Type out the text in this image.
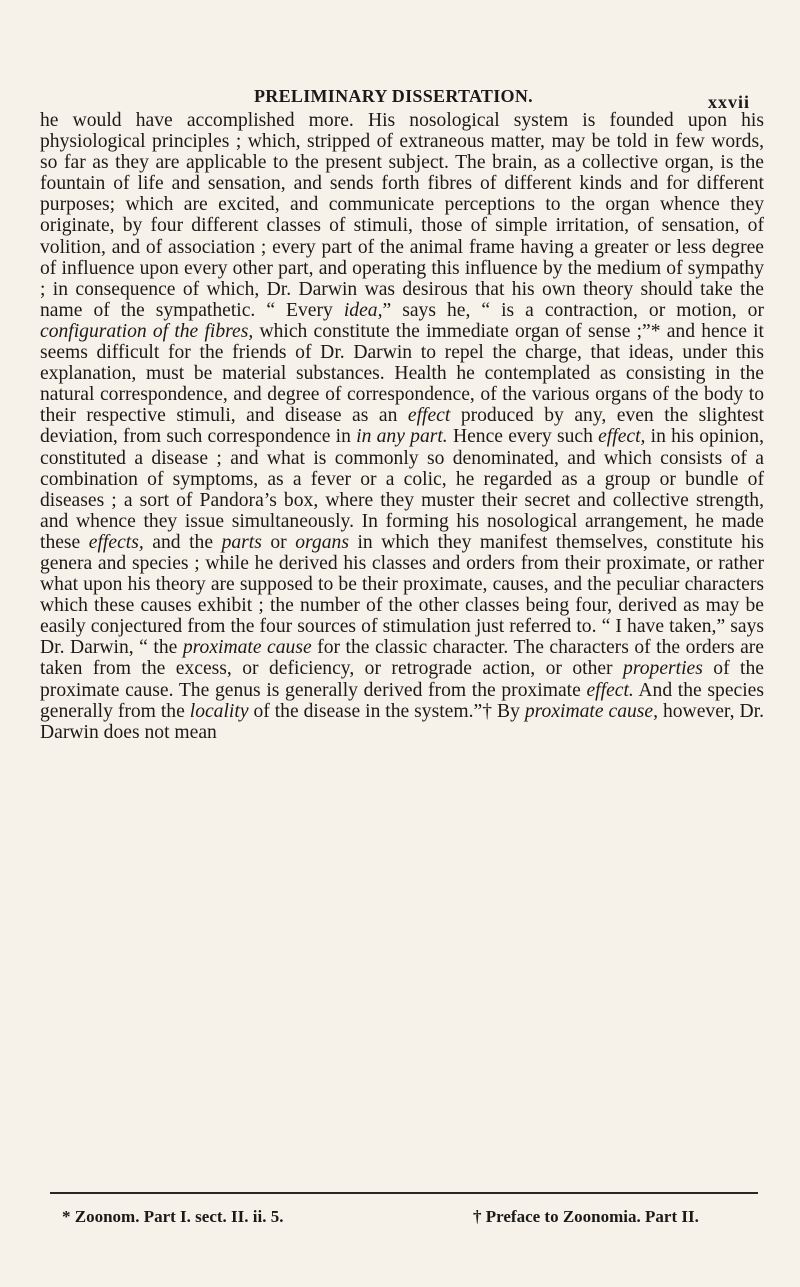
PRELIMINARY DISSERTATION.	xxvii

he would have accomplished more. His nosological system is founded upon his physiological principles ; which, stripped of extraneous matter, may be told in few words, so far as they are applicable to the present subject. The brain, as a collective organ, is the fountain of life and sensation, and sends forth fibres of different kinds and for different purposes; which are excited, and communicate perceptions to the organ whence they originate, by four different classes of stimuli, those of simple irritation, of sensation, of volition, and of association ; every part of the animal frame having a greater or less degree of influence upon every other part, and operating this influence by the medium of sympathy ; in consequence of which, Dr. Darwin was desirous that his own theory should take the name of the sympathetic. “ Every idea,” says he, “ is a contraction, or motion, or configuration of the fibres, which constitute the immediate organ of sense ;”* and hence it seems difficult for the friends of Dr. Darwin to repel the charge, that ideas, under this explanation, must be material substances. Health he contemplated as consisting in the natural correspondence, and degree of correspondence, of the various organs of the body to their respective stimuli, and disease as an effect produced by any, even the slightest deviation, from such correspondence in in any part. Hence every such effect, in his opinion, constituted a disease ; and what is commonly so denominated, and which consists of a combination of symptoms, as a fever or a colic, he regarded as a group or bundle of diseases ; a sort of Pandora’s box, where they muster their secret and collective strength, and whence they issue simultaneously. In forming his nosological arrangement, he made these effects, and the parts or organs in which they manifest themselves, constitute his genera and species ; while he derived his classes and orders from their proximate, or rather what upon his theory are supposed to be their proximate, causes, and the peculiar characters which these causes exhibit ; the number of the other classes being four, derived as may be easily conjectured from the four sources of stimulation just referred to. “ I have taken,” says Dr. Darwin, “ the proximate cause for the classic character. The characters of the orders are taken from the excess, or deficiency, or retrograde action, or other properties of the proximate cause. The genus is generally derived from the proximate effect. And the species generally from the locality of the disease in the system.”† By proximate cause, however, Dr. Darwin does not mean

* Zoonom. Part I. sect. II. ii. 5.	† Preface to Zoonomia. Part II.
